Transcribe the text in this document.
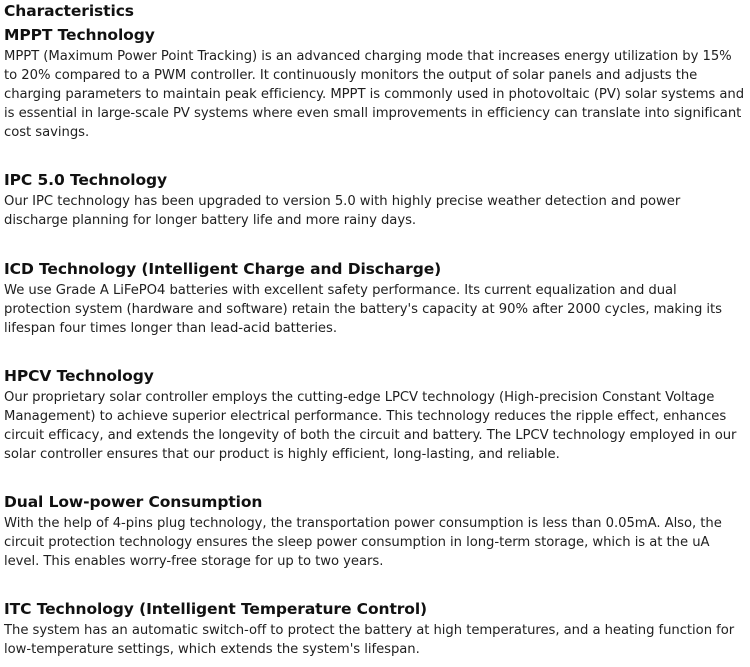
Characteristics
MPPT Technology

MPPT (Maximum Power Point Tracking) is an advanced charging mode that increases energy utilization by 15% to 20% compared to a PWM controller. It continuously monitors the output of solar panels and adjusts the charging parameters to maintain peak efficiency. MPPT is commonly used in photovoltaic (PV) solar systems and is essential in large-scale PV systems where even small improvements in efficiency can translate into significant cost savings.

IPC 5.0 Technology

Our IPC technology has been upgraded to version 5.0 with highly precise weather detection and power discharge planning for longer battery life and more rainy days.

ICD Technology (Intelligent Charge and Discharge)

We use Grade A LiFePO4 batteries with excellent safety performance. Its current equalization and dual protection system (hardware and software) retain the battery's capacity at 90% after 2000 cycles, making its lifespan four times longer than lead-acid batteries.

HPCV Technology

Our proprietary solar controller employs the cutting-edge LPCV technology (High-precision Constant Voltage Management) to achieve superior electrical performance. This technology reduces the ripple effect, enhances circuit efficacy, and extends the longevity of both the circuit and battery. The LPCV technology employed in our solar controller ensures that our product is highly efficient, long-lasting, and reliable.

Dual Low-power Consumption

With the help of 4-pins plug technology, the transportation power consumption is less than 0.05mA. Also, the circuit protection technology ensures the sleep power consumption in long-term storage, which is at the uA level. This enables worry-free storage for up to two years.

ITC Technology (Intelligent Temperature Control)

The system has an automatic switch-off to protect the battery at high temperatures, and a heating function for low-temperature settings, which extends the system's lifespan.
